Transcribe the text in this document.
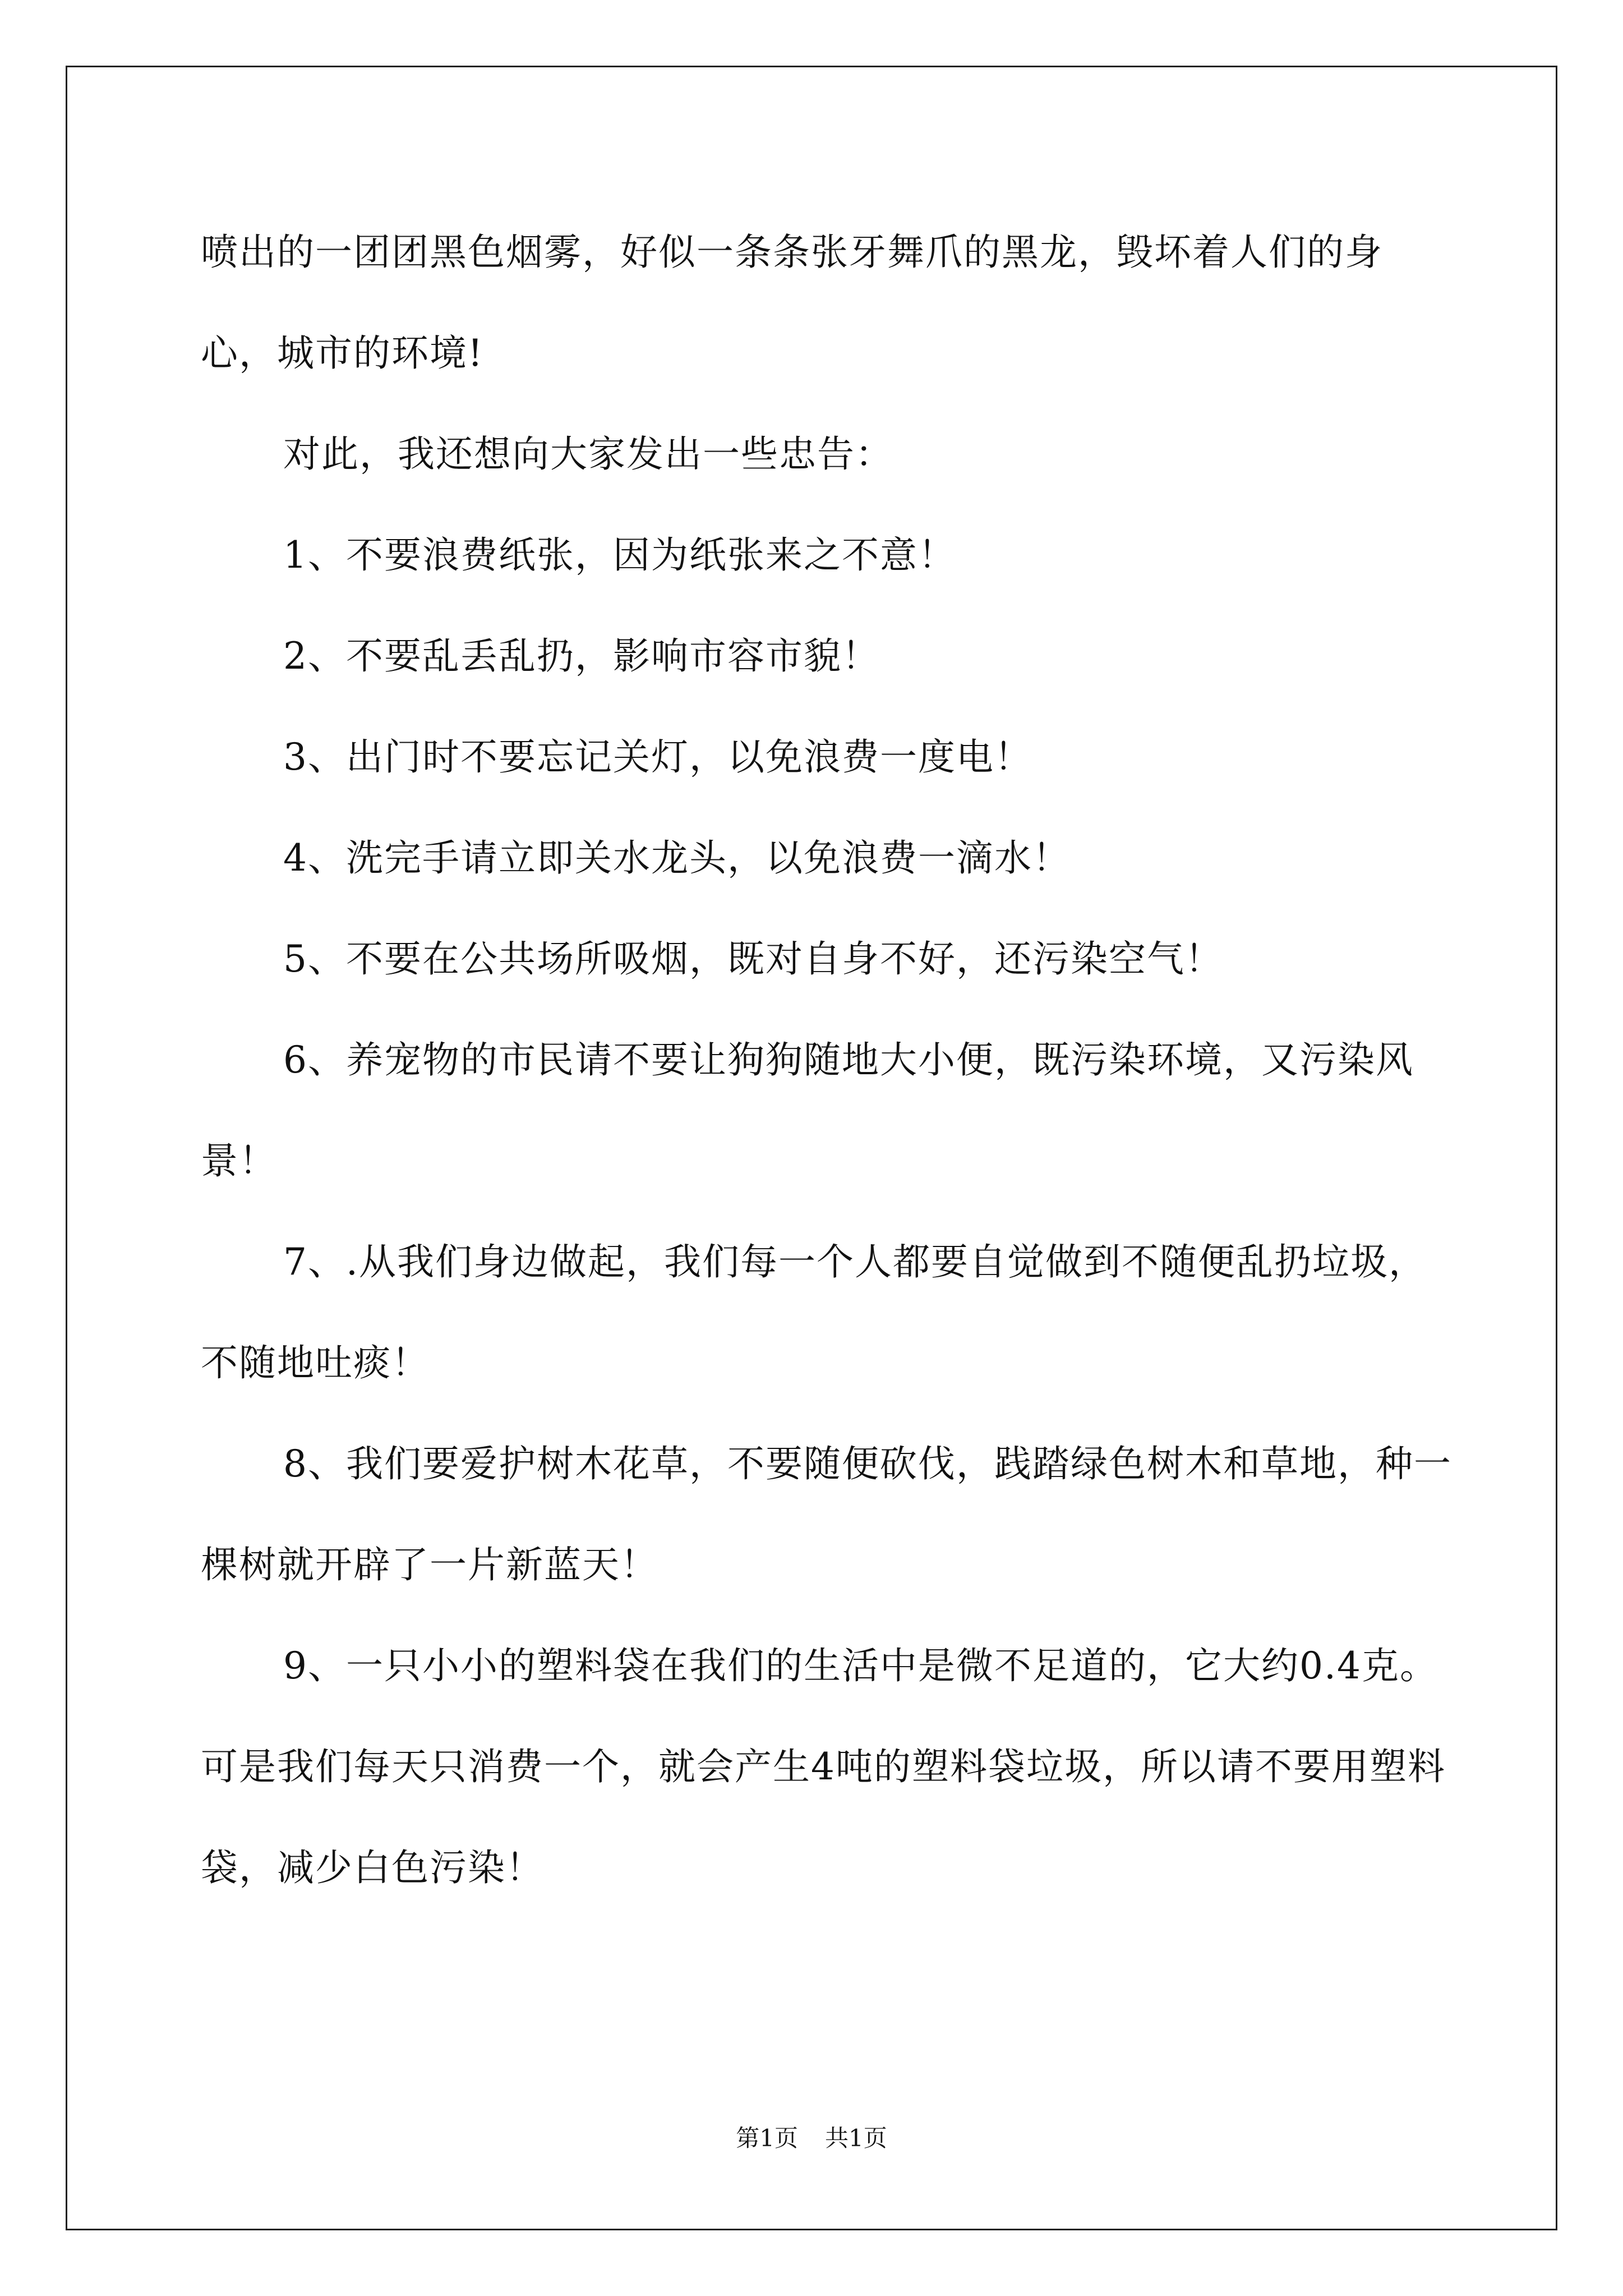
喷出的一团团黑色烟雾，好似一条条张牙舞爪的黑龙，毁坏着人们的身心，城市的环境!

对此，我还想向大家发出一些忠告：

1、不要浪费纸张，因为纸张来之不意！

2、不要乱丢乱扔，影响市容市貌！

3、出门时不要忘记关灯，以免浪费一度电！

4、洗完手请立即关水龙头，以免浪费一滴水！

5、不要在公共场所吸烟，既对自身不好，还污染空气！

6、养宠物的市民请不要让狗狗随地大小便，既污染环境，又污染风景！

7、.从我们身边做起，我们每一个人都要自觉做到不随便乱扔垃圾，不随地吐痰！

8、我们要爱护树木花草，不要随便砍伐，践踏绿色树木和草地，种一棵树就开辟了一片新蓝天！

9、一只小小的塑料袋在我们的生活中是微不足道的，它大约0.4克。可是我们每天只消费一个，就会产生4吨的塑料袋垃圾，所以请不要用塑料袋，减少白色污染！

第1页 共1页
